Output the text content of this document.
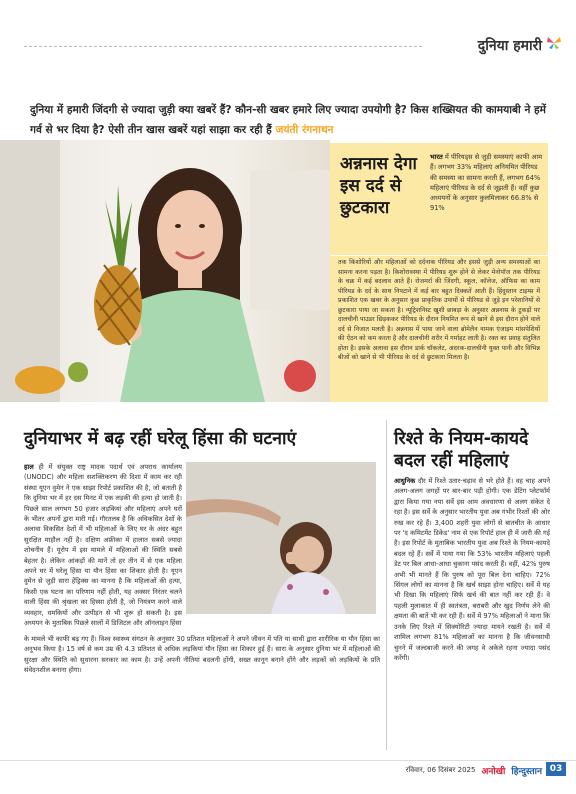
दुनिया हमारी
दुनिया में हमारी जिंदगी से ज्यादा जुड़ी क्या खबरें हैं? कौन-सी खबर हमारे लिए ज्यादा उपयोगी है? किस शख्सियत की कामयाबी ने हमें गर्व से भर दिया है? ऐसी तीन खास खबरें यहां साझा कर रही हैं जयंती रंगनाथन
अन्ननास देगा इस दर्द से छुटकारा
भारत में पीरियड्स से जुड़ी समस्याएं काफी आम हैं। लगभग 33% महिलाएं अनियमित पीरियड की समस्या का सामना करती हैं, लगभग 64% महिलाएं पीरियड के दर्द से जूझती हैं। वहीं कुछ अध्ययनों के अनुसार कुलमिलाकर 66.8% से 91%
तक किशोरियों और महिलाओं को दर्दनाक पीरियड और इससे जुड़ी अन्य समस्याओं का सामना करना पड़ता है। किशोरावस्था में पीरियड शुरू होने से लेकर मेनोपॉज तक पीरियड के चक्र में कई बदलाव आते हैं। रोजमर्रा की जिंदगी, स्कूल, कॉलेज, ऑफिस का काम पीरियड के दर्द के साथ निपटाने में कई बार बहुत दिक्कतें आती हैं। हिंदुस्तान टाइम्स में प्रकाशित एक खबर के अनुसार कुछ प्राकृतिक उपायों से पीरियड से जुड़े इन परेशानियों से छुटकारा पाया जा सकता है। न्यूट्रिशनिस्ट खुशी छाबड़ा के अनुसार अन्ननास के टुकड़ों पर दालचीनी पाउडर छिड़ककर पीरियड के दौरान नियमित रूप से खाने से इस दौरान होने वाले दर्द से निजात मलती है। अन्ननास में पाया जाने वाला ब्रोमेलैन नामक एंजाइम मांसपेशियों की ऐंठन को कम करता है और दालचीनी शरीर में गर्माहट लाती है। रक्त का प्रवाह संतुलित होता है। इसके अलावा इस दौरान डार्क चॉकलेट, अदरक-दालचीनी युक्त पानी और विभिन्न बीजों को खाने से भी पीरियड के दर्द से छुटकारा मिलता है।
दुनियाभर में बढ़ रहीं घरेलू हिंसा की घटनाएं
हाल ही में संयुक्त राष्ट्र मादक पदार्थ एवं अपराध कार्यालय (UNODC) और महिला सशक्तिकरण की दिशा में काम कर रही संस्था यूएन वुमेन ने एक साझा रिपोर्ट प्रकाशित की है, जो बताती है कि दुनिया भर में हर दस मिनट में एक लड़की की हत्या हो जाती है। पिछले साल लगभग 50 हजार लड़कियां और महिलाएं अपने घरों के भीतर अपनों द्वारा मारी गईं। गौरतलब है कि अविकसित देशों के अलावा विकसित देशों में भी महिलाओं के लिए घर के अंदर बहुत सुरक्षित माहौल नहीं है। दक्षिण अफ्रीका में हालात सबसे ज्यादा शोचनीय हैं। यूरोप में इस मामले में महिलाओं की स्थिति सबसे बेहतर है। लेकिन आंकड़ों की मानें तो हर तीन में से एक महिला अपने घर में घरेलू हिंसा या यौन हिंसा का शिकार होती है। यूएन वुमेन से जुड़ी सारा हेंड्रिक्स का मानना है कि महिलाओं की हत्या, किसी एक घटना का परिणाम नहीं होती, यह अक्सर निरंतर चलने वाली हिंसा की श्रृंखला का हिस्सा होती है, जो नियंत्रण करने वाले व्यवहार, धमकियों और उत्पीड़न से भी शुरू हो सकती है। इस अध्ययन के मुताबिक पिछले सालों में डिजिटल और ऑनलाइन हिंसा
के मामले भी काफी बढ़ गए हैं। विश्व स्वास्थ्य संगठन के अनुसार 30 प्रतिशत महिलाओं ने अपने जीवन में पति या साथी द्वारा शारीरिक या यौन हिंसा का अनुभव किया है। 15 वर्ष से कम उम्र की 4.3 प्रतिशत से अधिक लड़कियां यौन हिंसा का शिकार हुई हैं। सारा के अनुसार दुनिया भर में महिलाओं की सुरक्षा और स्थिति को सुधारना सरकार का काम है। उन्हें अपनी नीतियां बदलनी होंगी, सख्त कानून बनाने होंगे और लड़कों को लड़कियों के प्रति संवेदनशील बनाना होगा।
रिश्ते के नियम-कायदे बदल रहीं महिलाएं
आधुनिक दौर में रिश्ते उतार-चढ़ाव से भरे होते हैं। वह चाह अपने अलग-अलग जगहों पर बार-बार पड़ी होगी। एक डेटिंग प्लेटफॉर्म द्वारा किया गया नया सर्वे इस आम अवधारणा से अलग संकेत दे रहा है। इस सर्वे के अनुसार भारतीय युवा अब गंभीर रिश्तों की ओर रुख कर रहे हैं। 3,400 शहरी युवा लोगों से बातचीत के आधार पर 'द कमिटमेंट डिकेड' नाम से एक रिपोर्ट हाल ही में जारी की गई है। इस रिपोर्ट के मुताबिक भारतीय युवा अब रिश्ते के नियम-कायदे बदल रहे हैं। सर्वे में पाया गया कि 53% भारतीय महिलाएं पहली डेट पर बिल आधा-आधा चुकाना पसंद करती हैं। वहीं, 42% पुरुष अभी भी मानते हैं कि पुरुष को पूरा बिल देना चाहिए। 72% सिंगल लोगों का मानना है कि खर्च साझा होना चाहिए। सर्वे में यह भी दिखा कि महिलाएं सिर्फ खर्च की बात नहीं कर रही हैं। वे पहली मुलाकात में ही स्वतंत्रता, बराबरी और खुद निर्णय लेने की क्षमता की बातें भी कर रही हैं। सर्वे में 97% महिलाओं ने माना कि उनके लिए रिश्ते में सिक्योरिटी ज्यादा मायने रखती है। सर्वे में शामिल लगभग 81% महिलाओं का मानना है कि जीवनसाथी चुनने में जल्दबाजी करने की जगह वे अकेले रहना ज्यादा पसंद करेंगी।
रविवार, 06 दिसंबर 2025 अनोखी हिन्दुस्तान 03
